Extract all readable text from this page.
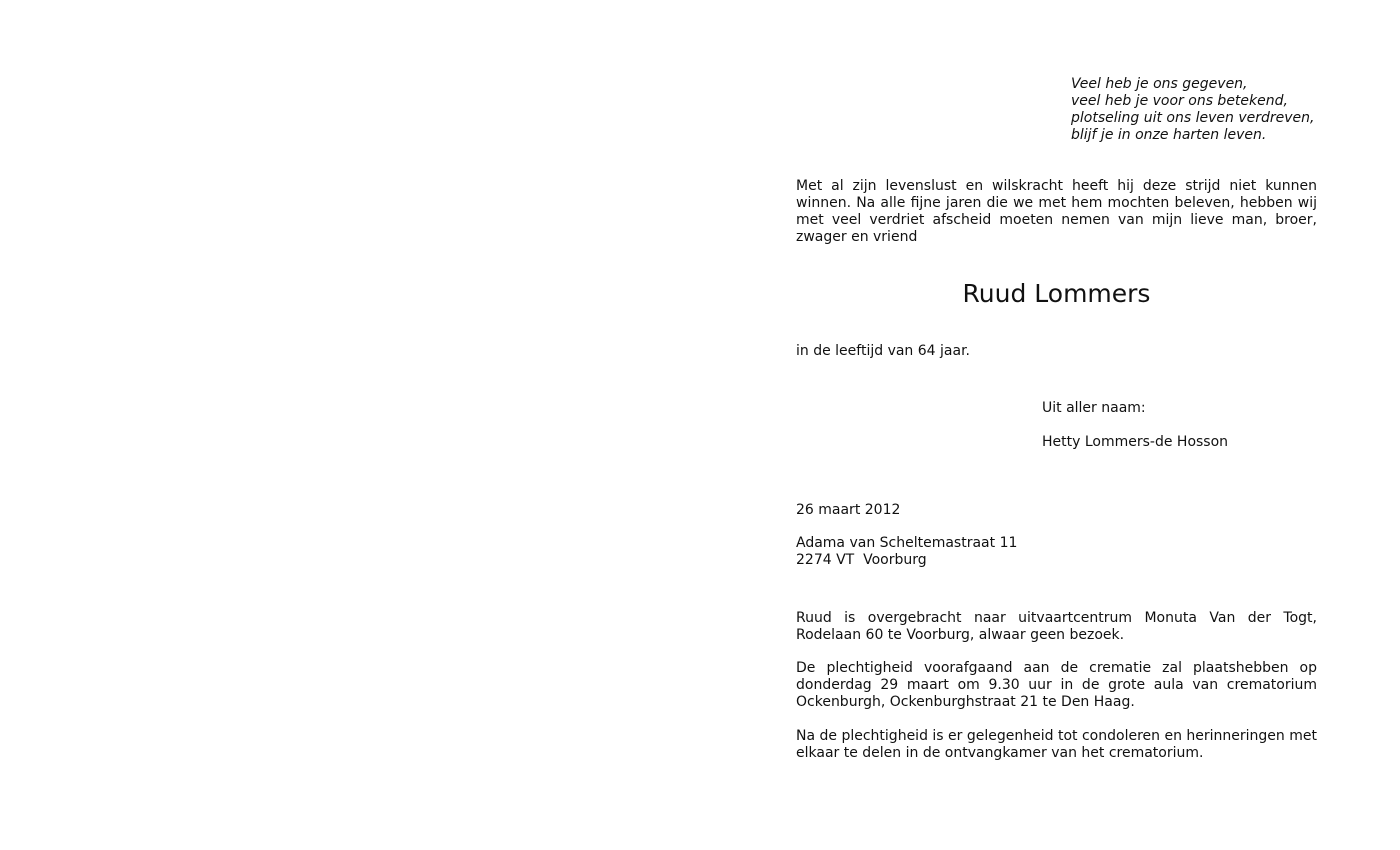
Veel heb je ons gegeven,
veel heb je voor ons betekend,
plotseling uit ons leven verdreven,
blijf je in onze harten leven.
Met al zijn levenslust en wilskracht heeft hij deze strijd niet kunnen winnen. Na alle fijne jaren die we met hem mochten beleven, hebben wij met veel verdriet afscheid moeten nemen van mijn lieve man, broer, zwager en vriend
Ruud Lommers
in de leeftijd van 64 jaar.
Uit aller naam:
Hetty Lommers-de Hosson
26 maart 2012
Adama van Scheltemastraat 11
2274 VT  Voorburg
Ruud is overgebracht naar uitvaartcentrum Monuta Van der Togt, Rodelaan 60 te Voorburg, alwaar geen bezoek.
De plechtigheid voorafgaand aan de crematie zal plaatshebben op donderdag 29 maart om 9.30 uur in de grote aula van crematorium Ockenburgh, Ockenburghstraat 21 te Den Haag.
Na de plechtigheid is er gelegenheid tot condoleren en herinneringen met elkaar te delen in de ontvangkamer van het crematorium.
